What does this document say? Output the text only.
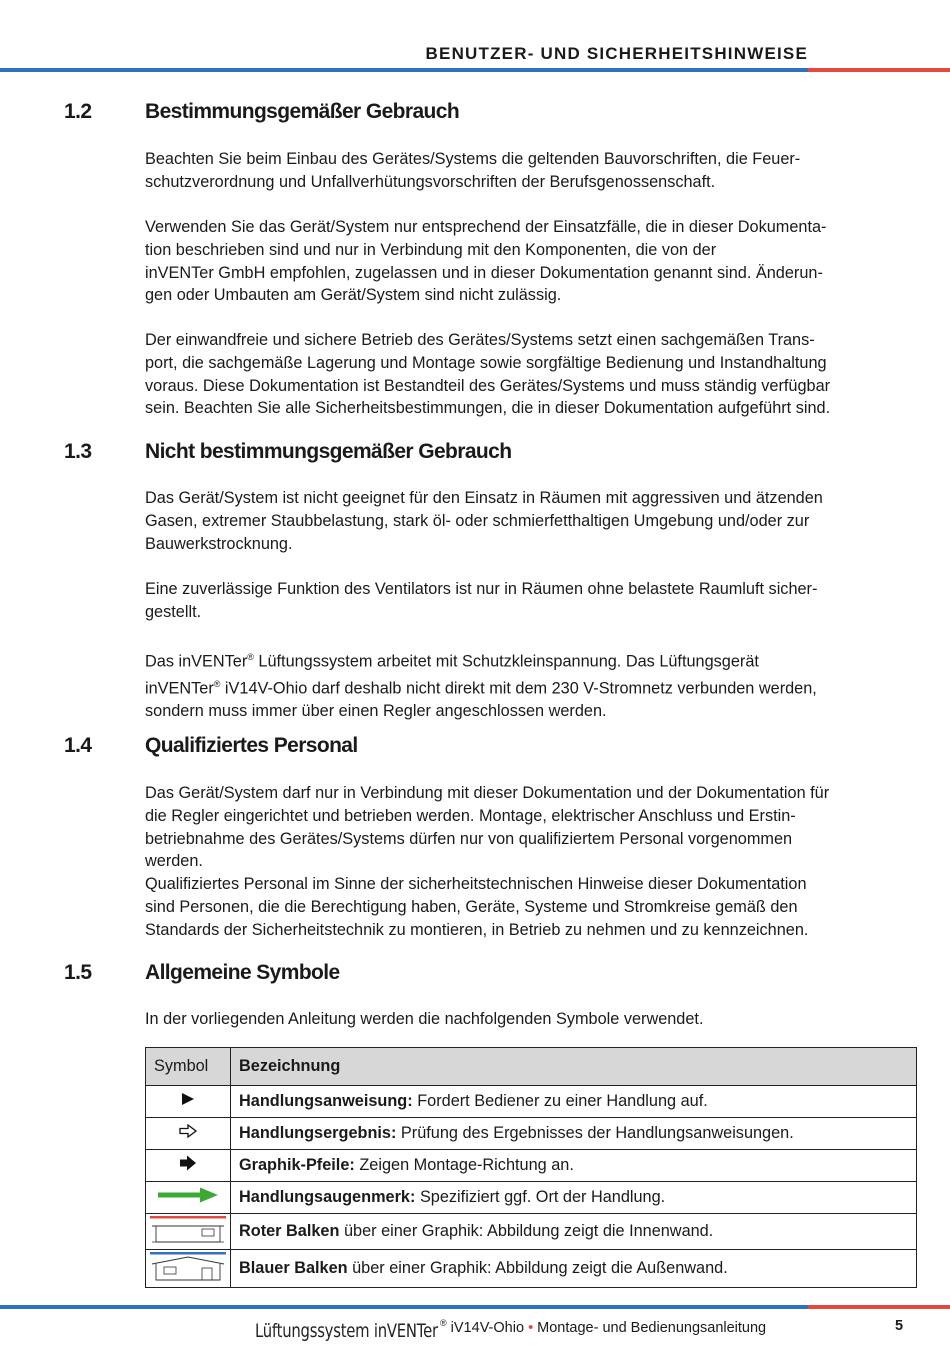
BENUTZER- UND SICHERHEITSHINWEISE
1.2	Bestimmungsgemäßer Gebrauch
Beachten Sie beim Einbau des Gerätes/Systems die geltenden Bauvorschriften, die Feuer-
schutzverordnung und Unfallverhütungsvorschriften der Berufsgenossenschaft.
Verwenden Sie das Gerät/System nur entsprechend der Einsatzfälle, die in dieser Dokumenta-
tion beschrieben sind und nur in Verbindung mit den Komponenten, die von der
inVENTer GmbH empfohlen, zugelassen und in dieser Dokumentation genannt sind. Änderun-
gen oder Umbauten am Gerät/System sind nicht zulässig.
Der einwandfreie und sichere Betrieb des Gerätes/Systems setzt einen sachgemäßen Trans-
port, die sachgemäße Lagerung und Montage sowie sorgfältige Bedienung und Instandhaltung
voraus. Diese Dokumentation ist Bestandteil des Gerätes/Systems und muss ständig verfügbar
sein. Beachten Sie alle Sicherheitsbestimmungen, die in dieser Dokumentation aufgeführt sind.
1.3	Nicht bestimmungsgemäßer Gebrauch
Das Gerät/System ist nicht geeignet für den Einsatz in Räumen mit aggressiven und ätzenden
Gasen, extremer Staubbelastung, stark öl- oder schmierfetthaltigen Umgebung und/oder zur
Bauwerkstrocknung.
Eine zuverlässige Funktion des Ventilators ist nur in Räumen ohne belastete Raumluft sicher-
gestellt.

Das inVENTer® Lüftungssystem arbeitet mit Schutzkleinspannung. Das Lüftungsgerät

inVENTer® iV14V-Ohio darf deshalb nicht direkt mit dem 230 V-Stromnetz verbunden werden,

sondern muss immer über einen Regler angeschlossen werden.

1.4	Qualifiziertes Personal
Das Gerät/System darf nur in Verbindung mit dieser Dokumentation und der Dokumentation für
die Regler eingerichtet und betrieben werden. Montage, elektrischer Anschluss und Erstin-
betriebnahme des Gerätes/Systems dürfen nur von qualifiziertem Personal vorgenommen
werden.
Qualifiziertes Personal im Sinne der sicherheitstechnischen Hinweise dieser Dokumentation
sind Personen, die die Berechtigung haben, Geräte, Systeme und Stromkreise gemäß den
Standards der Sicherheitstechnik zu montieren, in Betrieb zu nehmen und zu kennzeichnen.
1.5	Allgemeine Symbole
In der vorliegenden Anleitung werden die nachfolgenden Symbole verwendet.
Symbol	Bezeichnung
	Handlungsanweisung: Fordert Bediener zu einer Handlung auf.
	Handlungsergebnis: Prüfung des Ergebnisses der Handlungsanweisungen.
	Graphik-Pfeile: Zeigen Montage-Richtung an.
	Handlungsaugenmerk: Spezifiziert ggf. Ort der Handlung.
	Roter Balken über einer Graphik: Abbildung zeigt die Innenwand.
	Blauer Balken über einer Graphik: Abbildung zeigt die Außenwand.
Lüftungssystem inVENTer ® iV14V-Ohio • Montage- und Bedienungsanleitung	5
